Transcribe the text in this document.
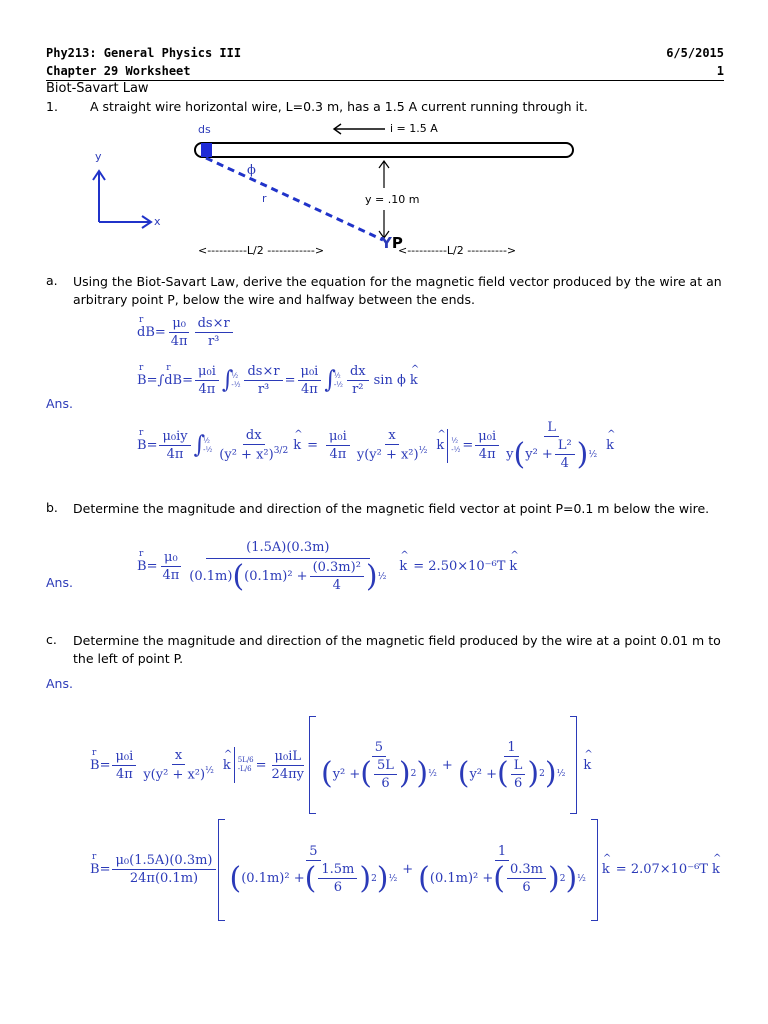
Phy213: General Physics III	6/5/2015
Chapter 29 Worksheet	1
Biot-Savart Law
1.	A straight wire horizontal wire, L=0.3 m, has a 1.5 A current running through it.
ds	i = 1.5 A
y
x
ϕ
r	y = .10 m
YP
<----------L/2 ------------>	<----------L/2 ---------->
a. Using the Biot-Savart Law, derive the equation for the magnetic field vector produced by the wire at an arbitrary point P, below the wire and halfway between the ends.
r dB = $\frac{\text{μ₀}}{4\pi} \frac{ds\times r}{\text{r³}}$
r B =∫ r dB = $\frac{\text{μ₀i}}{4\pi}$ ∫
½
-½ $\frac{ds\times r}{\text{r³}} = \frac{\text{μ₀i}}{4\pi}$ ∫
½
-½ $\frac{dx}{\text{r²}}$ sin ϕ ^ k
Ans.
r $B = \frac{\text{μ₀iy}}{4\pi}$ ∫
½
-½ $\frac{dx}{(y^2 + x^2)^{3/2}}$ ^ $k = \frac{\text{μ₀i}}{4\pi} \frac{x}{y(y^2 + x^2)^{\frac{1}{2}}}$ ^ k ½
-½ = $\frac{\text{μ₀i}}{4\pi} \frac{L}{y ( y^2 + \frac{\text{L²}}{4} ) \frac{1}{2}}$ ^ k
b. Determine the magnitude and direction of the magnetic field vector at point P=0.1 m below the wire.
r $B = \frac{\text{μ₀}}{4\pi} \frac{(1.5A)(0.3m)}{(0.1m) ( (0.1m)^2 + \frac{\text{(0.3m)²}}{4} ) \frac{1}{2}}$ ^ k = 2.50×10⁻⁶T ^ k
Ans.
c. Determine the magnitude and direction of the magnetic field produced by the wire at a point 0.01 m to the left of point P.
Ans.
r $B = \frac{\text{μ₀i}}{4\pi} \frac{x}{y(y^2 + x^2)^{\frac{1}{2}}}$ ^ k 5L/6
$-L/6 = \frac{\text{μ₀iL}}{24\pi y} \frac{5}{( y^2 + ( \frac{5L}{6} ) 2 ) \frac{1}{2}} + \frac{1}{( y^2 + ( \frac{L}{6} ) 2 ) \frac{1}{2}}$ ^ k
r $B = \frac{\text{μ₀(1.5A)(0.3m)}}{24\pi(0.1m)} \frac{5}{( (0.1m)^2 + ( \frac{1.5m}{6} ) 2 ) \frac{1}{2}} + \frac{1}{( (0.1m)^2 + ( \frac{0.3m}{6} ) 2 ) \frac{1}{2}}$ ^ k = 2.07×10⁻⁶T ^ k
